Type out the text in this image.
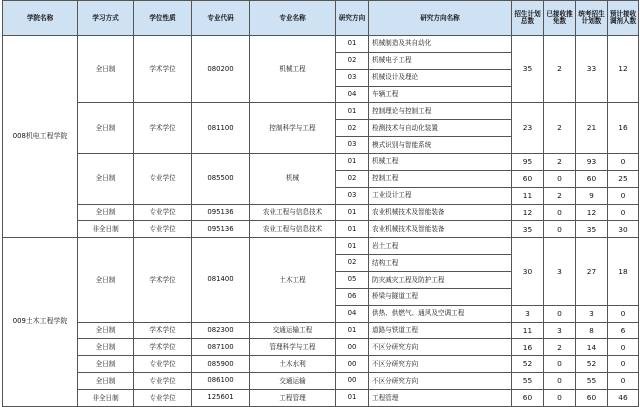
学院名称	学习方式	学位性质	专业代码	专业名称	研究方向	研究方向名称	招生计划总数	已接收推免数	统考招生计划数	预计接收调剂人数
008机电工程学院	全日制	学术学位	080200	机械工程	01	机械制造及其自动化	35	2	33	12
					02	机械电子工程				
					03	机械设计及理论				
					04	车辆工程				
	全日制	学术学位	081100	控制科学与工程	01	控制理论与控制工程	23	2	21	16
					02	检测技术与自动化装置				
					03	模式识别与智能系统				
	全日制	专业学位	085500	机械	01	机械工程	95	2	93	0
					02	控制工程	60	0	60	25
					03	工业设计工程	11	2	9	0
	全日制	专业学位	095136	农业工程与信息技术	01	农业机械技术及智能装备	12	0	12	0
	非全日制	专业学位	095136	农业工程与信息技术	01	农业机械技术及智能装备	35	0	35	30
009土木工程学院	全日制	学术学位	081400	土木工程	01	岩土工程	30	3	27	18
					02	结构工程				
					05	防灾减灾工程及防护工程				
					06	桥梁与隧道工程				
					04	供热、供燃气、通风及空调工程	3	0	3	0
	全日制	学术学位	082300	交通运输工程	01	道路与铁道工程	11	3	8	6
	全日制	学术学位	087100	管理科学与工程	00	不区分研究方向	16	2	14	0
	全日制	专业学位	085900	土木水利	00	不区分研究方向	52	0	52	0
	全日制	专业学位	086100	交通运输	00	不区分研究方向	55	0	55	0
	非全日制	专业学位	125601	工程管理	01	工程管理	60	0	60	46
